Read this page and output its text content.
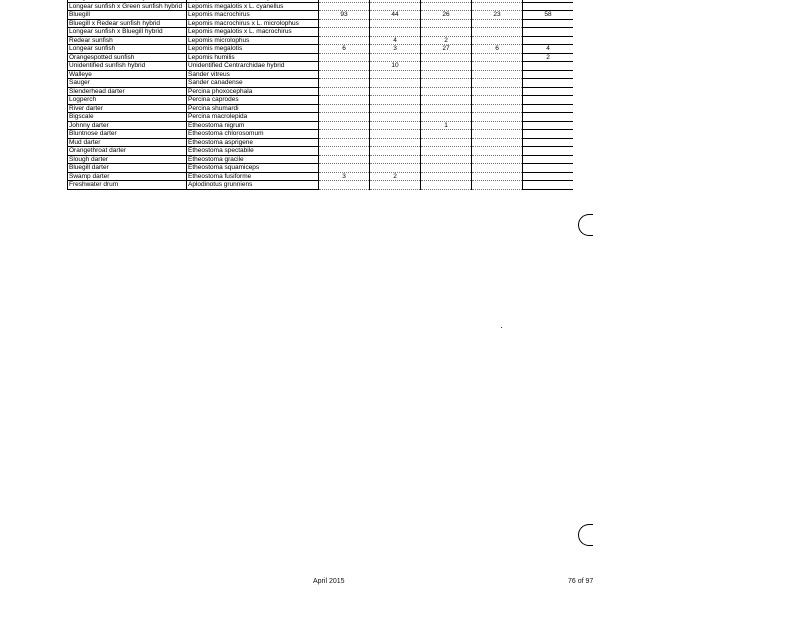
Longear sunfish x Green sunfish hybrid	Lepomis megalotis x L. cyanellus					
Bluegill	Lepomis macrochirus	93	44	26	23	58
Bluegill x Redear sunfish hybrid	Lepomis macrochirus x L. microlophus					
Longear sunfish x Bluegill hybrid	Lepomis megalotis x L. macrochirus					
Redear sunfish	Lepomis microlophus		4	2		
Longear sunfish	Lepomis megalotis	6	3	27	6	4
Orangespotted sunfish	Lepomis humilis					2
Unidentified sunfish hybrid	Unidentified Centrarchidae hybrid		10			
Walleye	Sander vitreus					
Sauger	Sander canadense					
Slenderhead darter	Percina phoxocephala					
Logperch	Percina caprodes					
River darter	Percina shumardi					
Bigscale	Percina macrolepida					
Johnny darter	Etheostoma nigrum			1		
Bluntnose darter	Etheostoma chlorosomum					
Mud darter	Etheostoma asprigene					
Orangethroat darter	Etheostoma spectabile					
Slough darter	Etheostoma gracile					
Bluegill darter	Etheostoma squamiceps					
Swamp darter	Etheostoma fusiforme	3	2			
Freshwater drum	Aplodinotus grunniens					
April 2015	76 of 97
